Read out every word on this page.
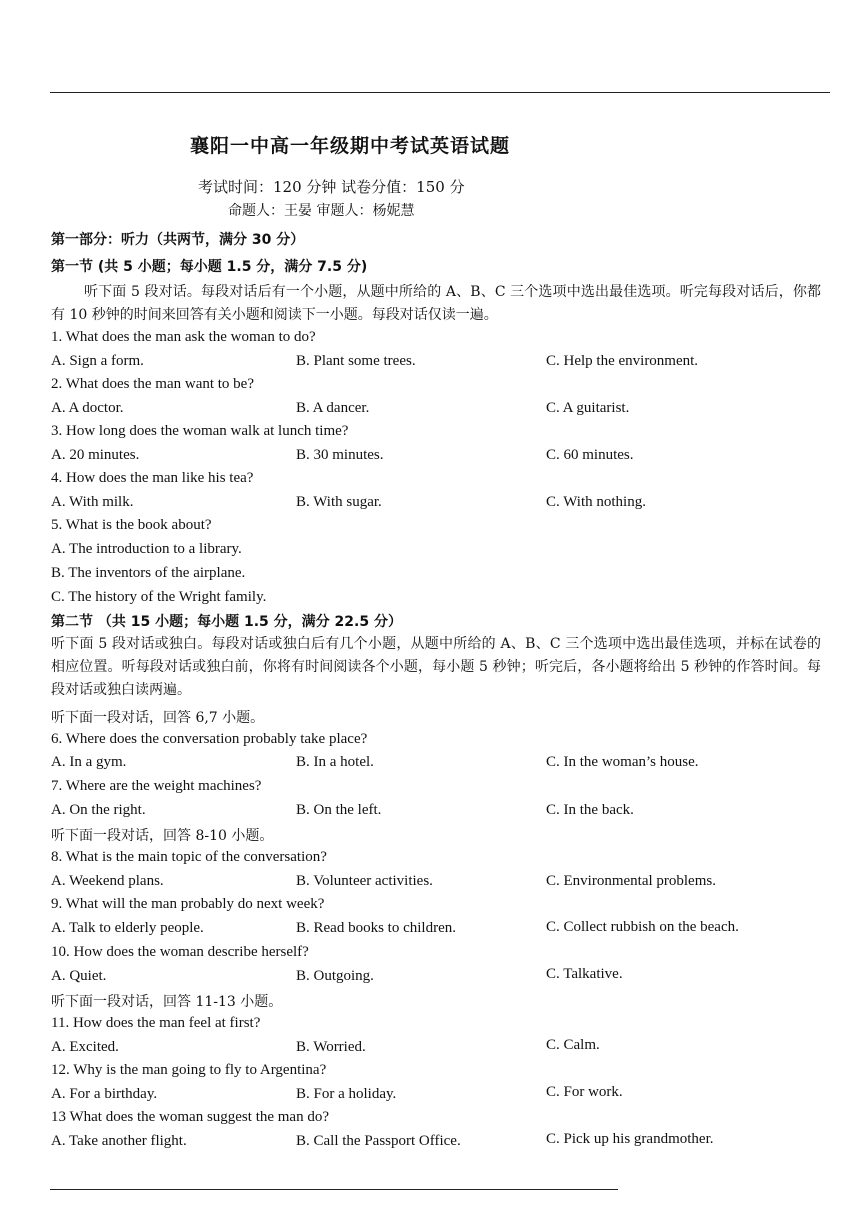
襄阳一中高一年级期中考试英语试题
考试时间：120 分钟 试卷分值：150 分
命题人：王晏 审题人：杨妮慧
第一部分：听力（共两节，满分 30 分）
第一节 (共 5 小题；每小题 1.5 分，满分 7.5 分)
听下面 5 段对话。每段对话后有一个小题，从题中所给的 A、B、C 三个选项中选出最佳选项。听完每段对话后，你都有 10 秒钟的时间来回答有关小题和阅读下一小题。每段对话仅读一遍。
1. What does the man ask the woman to do?
A. Sign a form.	B. Plant some trees.	C. Help the environment.
2. What does the man want to be?
A. A doctor.	B. A dancer.	C. A guitarist.
3. How long does the woman walk at lunch time?
A. 20 minutes.	B. 30 minutes.	C. 60 minutes.
4. How does the man like his tea?
A. With milk.	B. With sugar.	C. With nothing.
5. What is the book about?
A. The introduction to a library.
B. The inventors of the airplane.
C. The history of the Wright family.
第二节 （共 15 小题；每小题 1.5 分，满分 22.5 分）
听下面 5 段对话或独白。每段对话或独白后有几个小题，从题中所给的 A、B、C 三个选项中选出最佳选项，并标在试卷的相应位置。听每段对话或独白前，你将有时间阅读各个小题，每小题 5 秒钟；听完后，各小题将给出 5 秒钟的作答时间。每段对话或独白读两遍。
听下面一段对话，回答 6,7 小题。
6. Where does the conversation probably take place?
A. In a gym.	B. In a hotel.	C. In the woman’s house.
7. Where are the weight machines?
A. On the right.	B. On the left.	C. In the back.
听下面一段对话，回答 8-10 小题。
8. What is the main topic of the conversation?
A. Weekend plans.	B. Volunteer activities.	C. Environmental problems.
9. What will the man probably do next week?
A. Talk to elderly people.	B. Read books to children.	C. Collect rubbish on the beach.
10. How does the woman describe herself?
A. Quiet.	B. Outgoing.	C. Talkative.
听下面一段对话，回答 11-13 小题。
11. How does the man feel at first?
A. Excited.	B. Worried.	C. Calm.
12. Why is the man going to fly to Argentina?
A. For a birthday.	B. For a holiday.	C. For work.
13 What does the woman suggest the man do?
A. Take another flight.	B. Call the Passport Office.	C. Pick up his grandmother.
